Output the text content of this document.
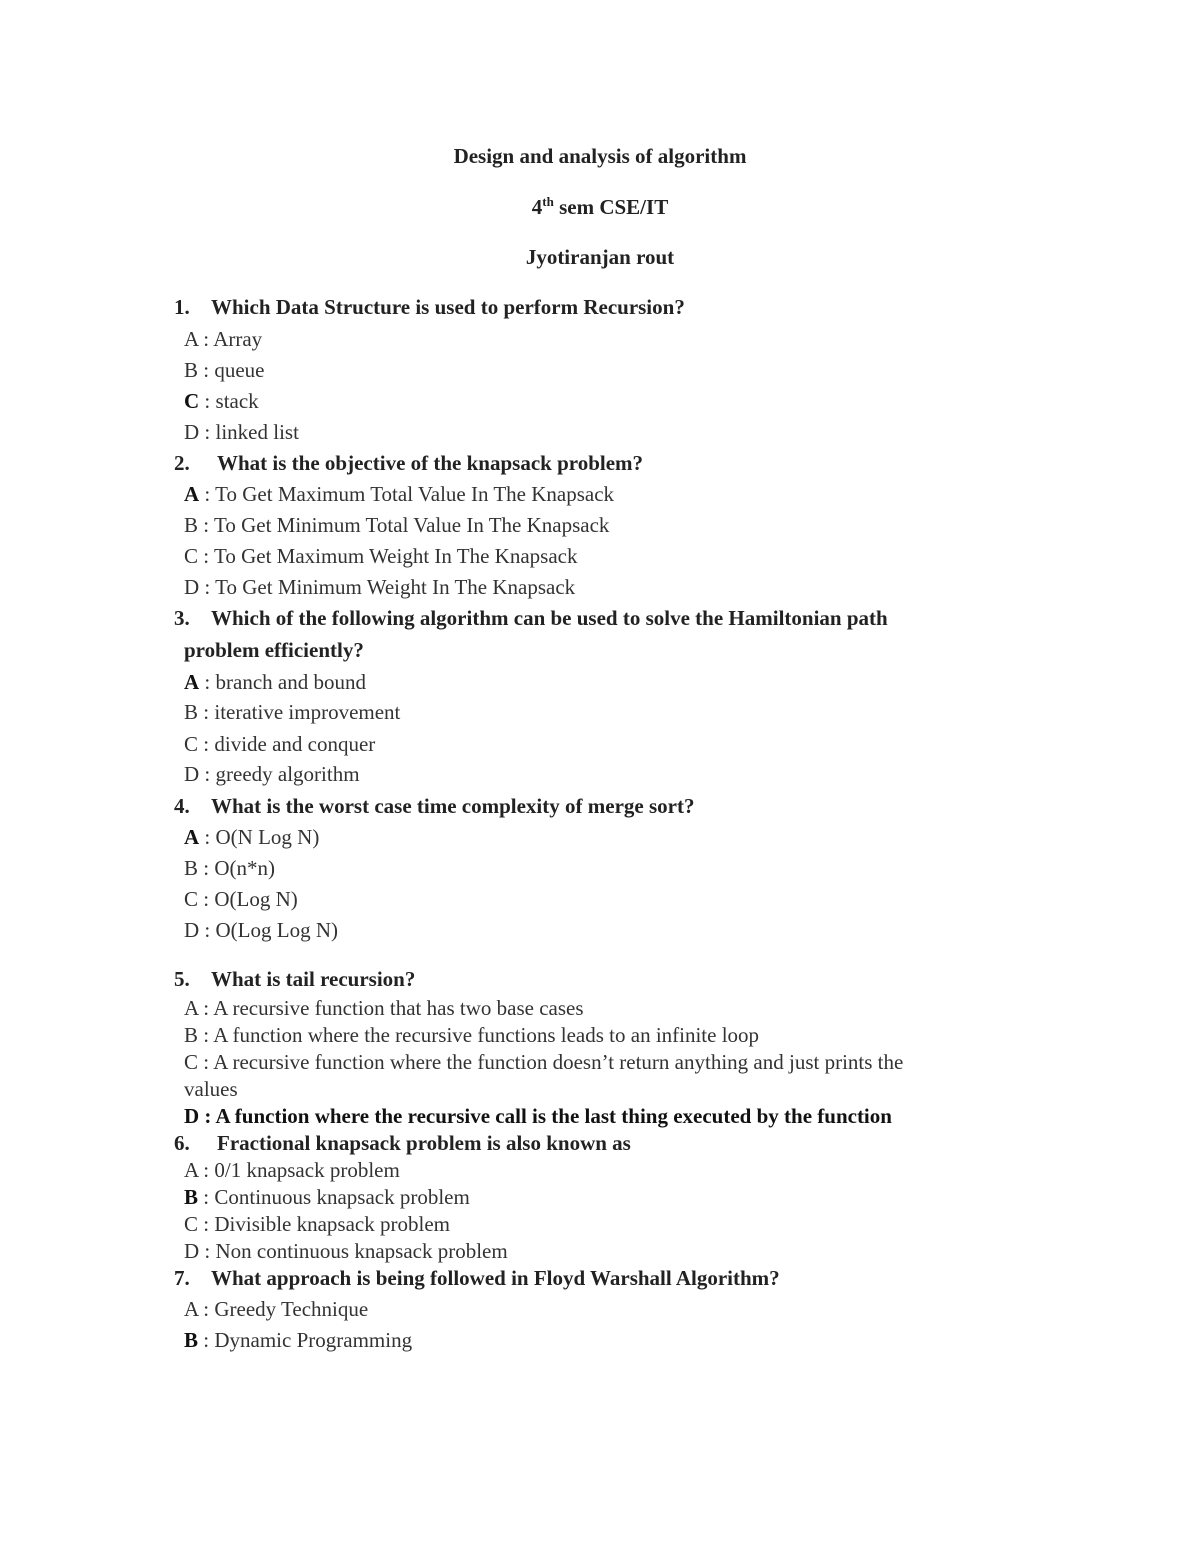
Design and analysis of algorithm
4th sem CSE/IT
Jyotiranjan rout
1. Which Data Structure is used to perform Recursion?
A : Array
B : queue
C : stack
D : linked list
2. What is the objective of the knapsack problem?
A : To Get Maximum Total Value In The Knapsack
B : To Get Minimum Total Value In The Knapsack
C : To Get Maximum Weight In The Knapsack
D : To Get Minimum Weight In The Knapsack
3. Which of the following algorithm can be used to solve the Hamiltonian path
problem efficiently?
A : branch and bound
B : iterative improvement
C : divide and conquer
D : greedy algorithm
4. What is the worst case time complexity of merge sort?
A : O(N Log N)
B : O(n*n)
C : O(Log N)
D : O(Log Log N)
5. What is tail recursion?
A : A recursive function that has two base cases
B : A function where the recursive functions leads to an infinite loop
C : A recursive function where the function doesn’t return anything and just prints the
values
D : A function where the recursive call is the last thing executed by the function
6. Fractional knapsack problem is also known as
A : 0/1 knapsack problem
B : Continuous knapsack problem
C : Divisible knapsack problem
D : Non continuous knapsack problem
7. What approach is being followed in Floyd Warshall Algorithm?
A : Greedy Technique
B : Dynamic Programming
